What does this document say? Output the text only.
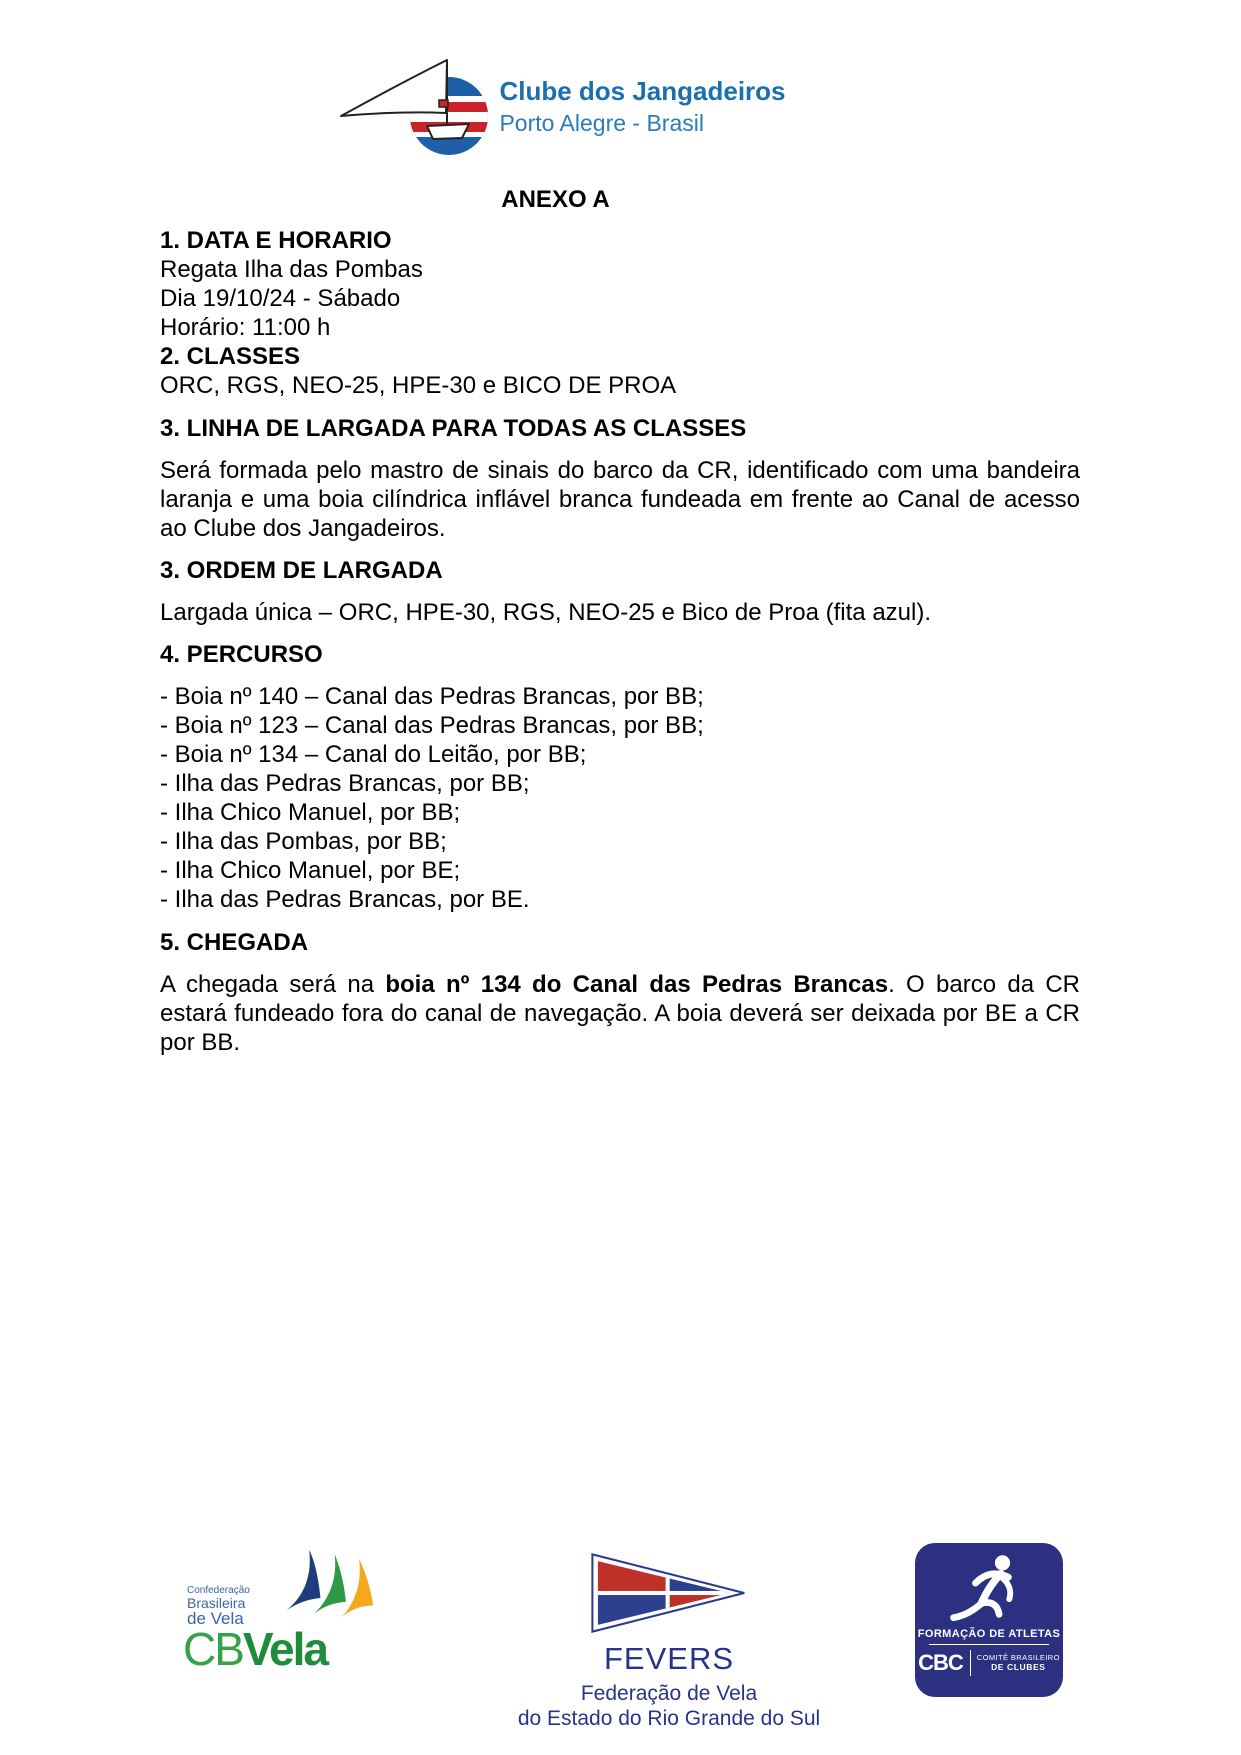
Clube dos Jangadeiros
Porto Alegre - Brasil
ANEXO A
1. DATA E HORARIO
Regata Ilha das Pombas
Dia 19/10/24 - Sábado
Horário: 11:00 h
2. CLASSES
ORC, RGS, NEO-25, HPE-30 e BICO DE PROA
3. LINHA DE LARGADA PARA TODAS AS CLASSES
Será formada pelo mastro de sinais do barco da CR, identificado com uma bandeira laranja e uma boia cilíndrica inflável branca fundeada em frente ao Canal de acesso ao Clube dos Jangadeiros.
3. ORDEM DE LARGADA
Largada única – ORC, HPE-30, RGS, NEO-25 e Bico de Proa (fita azul).
4. PERCURSO
- Boia nº 140 – Canal das Pedras Brancas, por BB;
- Boia nº 123 – Canal das Pedras Brancas, por BB;
- Boia nº 134 – Canal do Leitão, por BB;
- Ilha das Pedras Brancas, por BB;
- Ilha Chico Manuel, por BB;
- Ilha das Pombas, por BB;
- Ilha Chico Manuel, por BE;
- Ilha das Pedras Brancas, por BE.
5. CHEGADA
A chegada será na boia nº 134 do Canal das Pedras Brancas. O barco da CR estará fundeado fora do canal de navegação. A boia deverá ser deixada por BE a CR por BB.
Confederação
Brasileira
de Vela
CBVela	FEVERS
Federação de Vela
do Estado do Rio Grande do Sul
FORMAÇÃO DE ATLETAS
CBC COMITÊ BRASILEIRO
DE CLUBES
